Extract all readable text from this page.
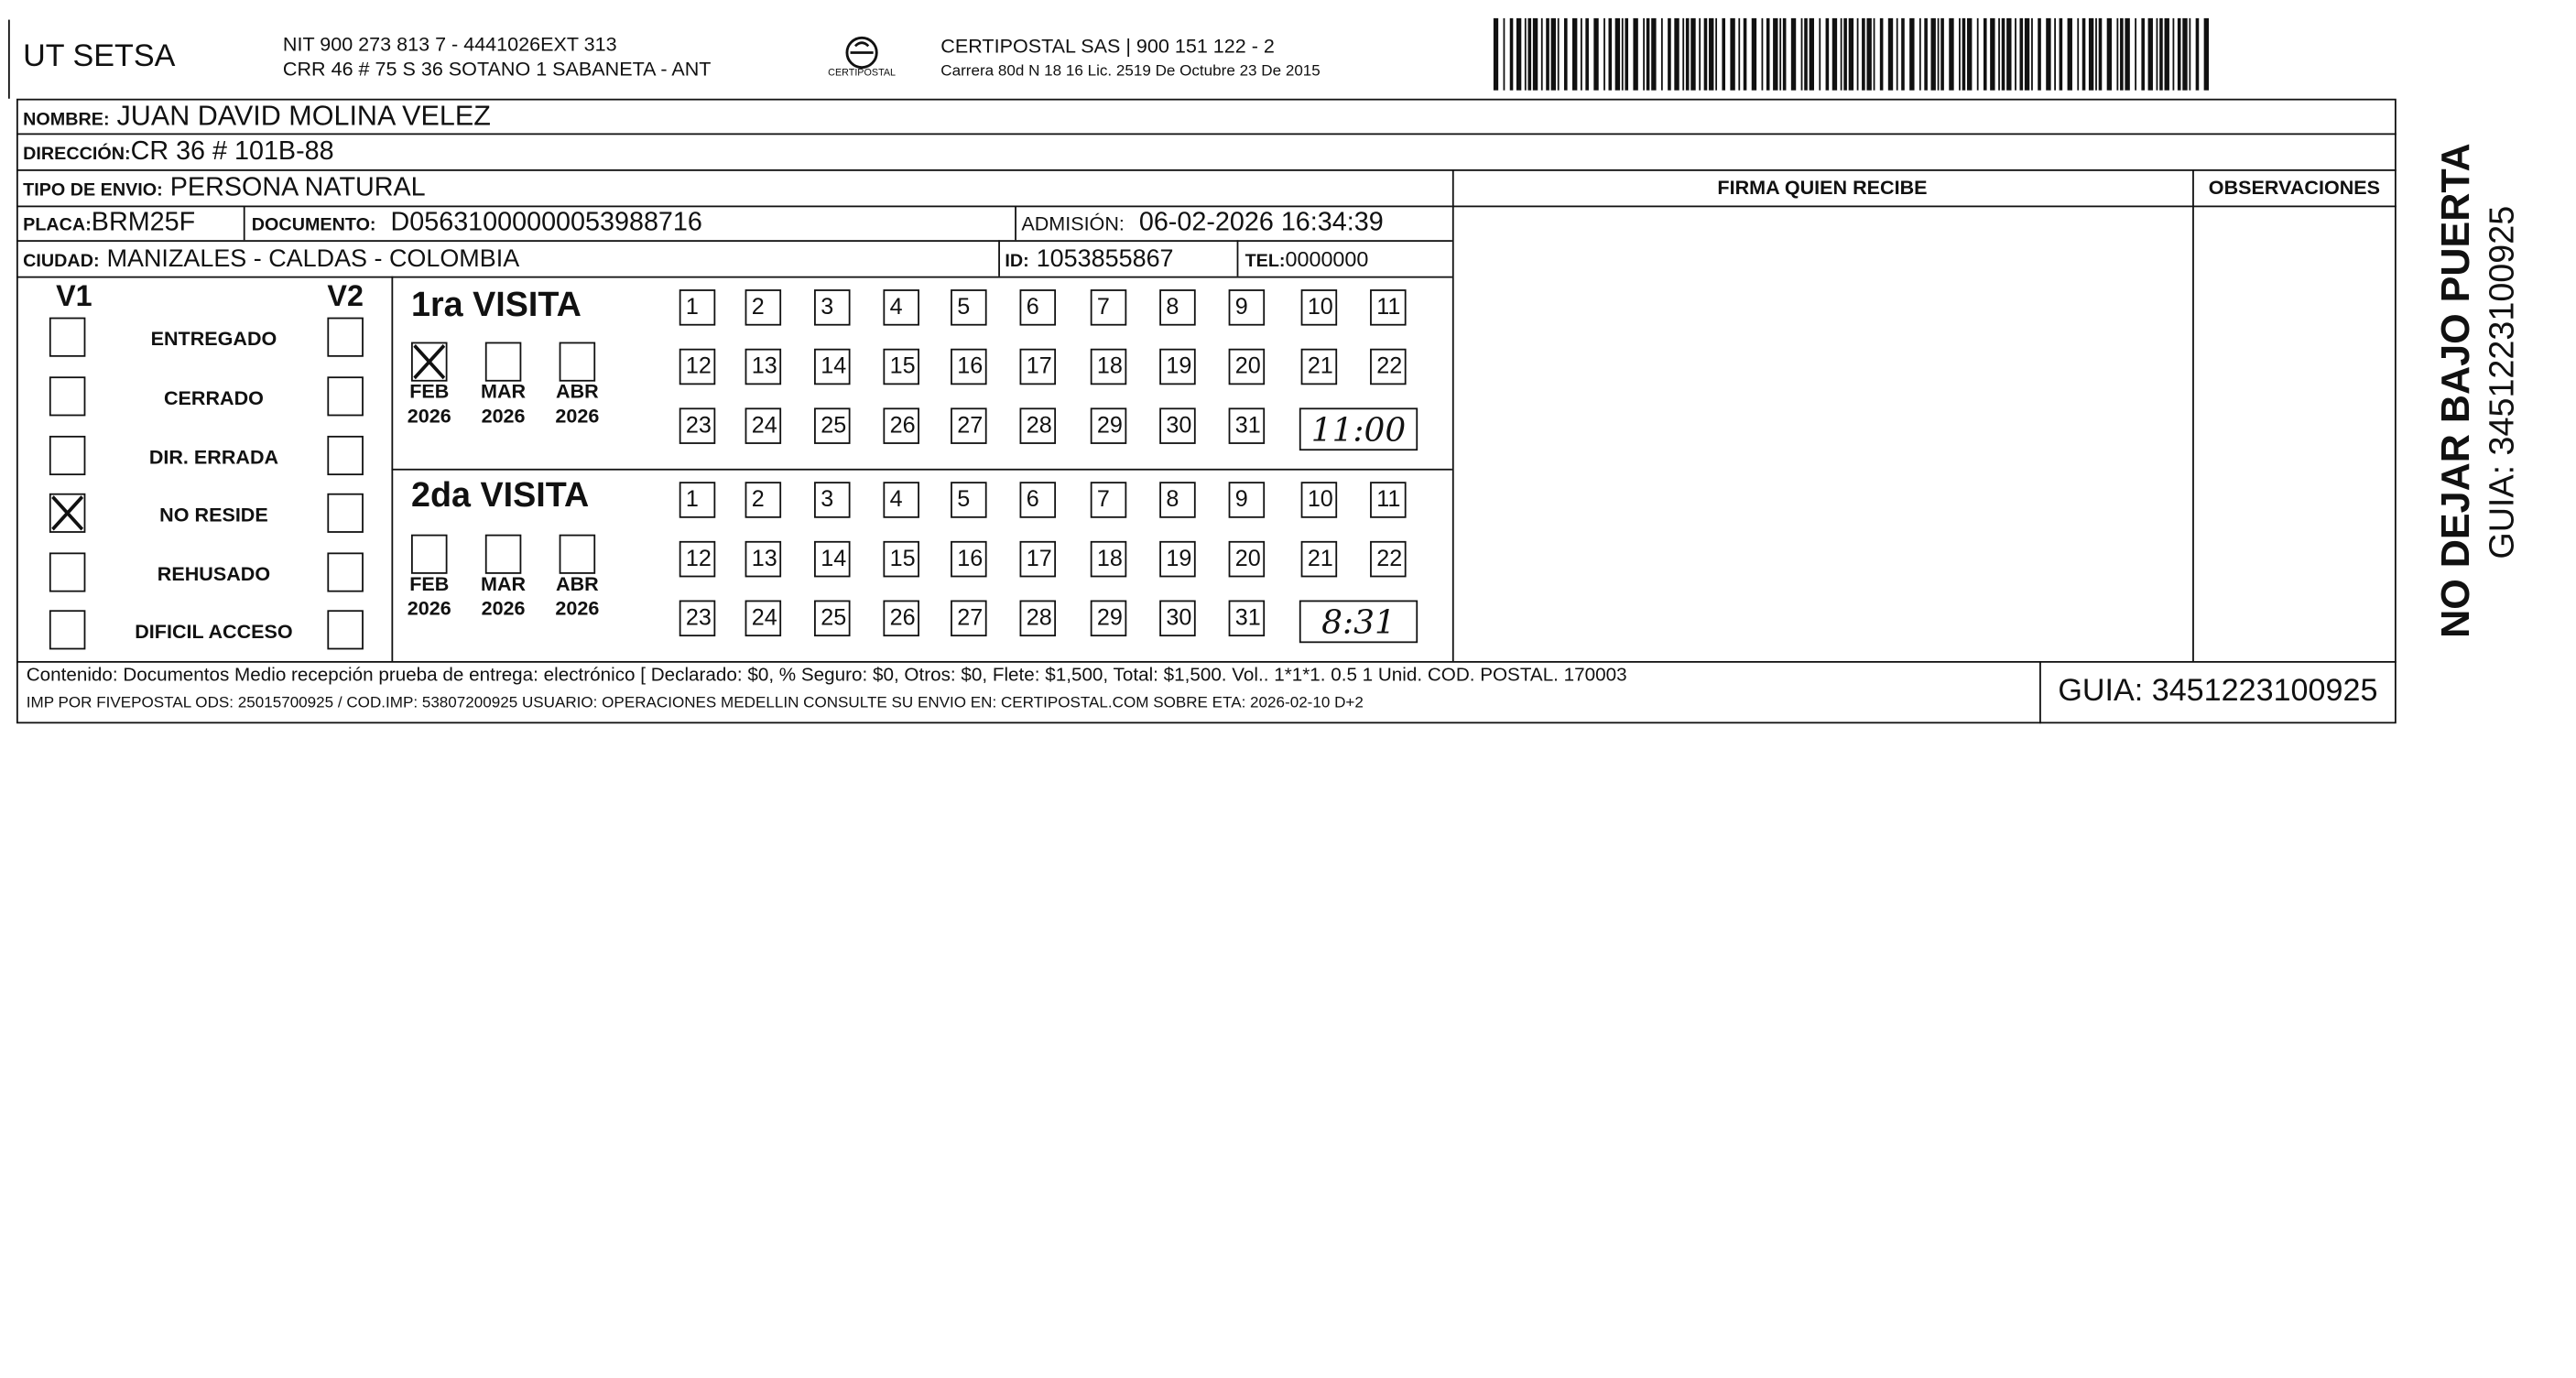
UT SETSA	NIT 900 273 813 7 - 4441026EXT 313
CRR 46 # 75 S 36 SOTANO 1 SABANETA - ANT	CERTIPOSTAL
CERTIPOSTAL SAS | 900 151 122 - 2
Carrera 80d N 18 16 Lic. 2519 De Octubre 23 De 2015
NOMBRE: JUAN DAVID MOLINA VELEZ
DIRECCIÓN:CR 36 # 101B-88
TIPO DE ENVIO: PERSONA NATURAL
PLACA:BRM25F	DOCUMENTO: D05631000000053988716	ADMISIÓN: 06-02-2026 16:34:39
CIUDAD: MANIZALES - CALDAS - COLOMBIA	ID: 1053855867	TEL:0000000
FIRMA QUIEN RECIBE	OBSERVACIONES
V1	V2
ENTREGADO
CERRADO
DIR. ERRADA
NO RESIDE
REHUSADO
DIFICIL ACCESO
1ra VISITA
2da VISITA
FEB
2026
MAR
2026
ABR
2026
1	2	3	4	5	6	7	8	9	10	11
12	13	14	15	16	17	18	19	20	21	22
23	24	25	26	27	28	29	30	31	11:00
FEB
2026
MAR
2026
ABR
2026
1	2	3	4	5	6	7	8	9	10	11
12	13	14	15	16	17	18	19	20	21	22
23	24	25	26	27	28	29	30	31	8:31
Contenido: Documentos Medio recepción prueba de entrega: electrónico [ Declarado: $0, % Seguro: $0, Otros: $0, Flete: $1,500, Total: $1,500. Vol.. 1*1*1. 0.5 1 Unid. COD. POSTAL. 170003
IMP POR FIVEPOSTAL ODS: 25015700925 / COD.IMP: 53807200925 USUARIO: OPERACIONES MEDELLIN CONSULTE SU ENVIO EN: CERTIPOSTAL.COM SOBRE ETA: 2026-02-10 D+2	GUIA: 3451223100925
NO DEJAR BAJO PUERTA GUIA: 3451223100925
